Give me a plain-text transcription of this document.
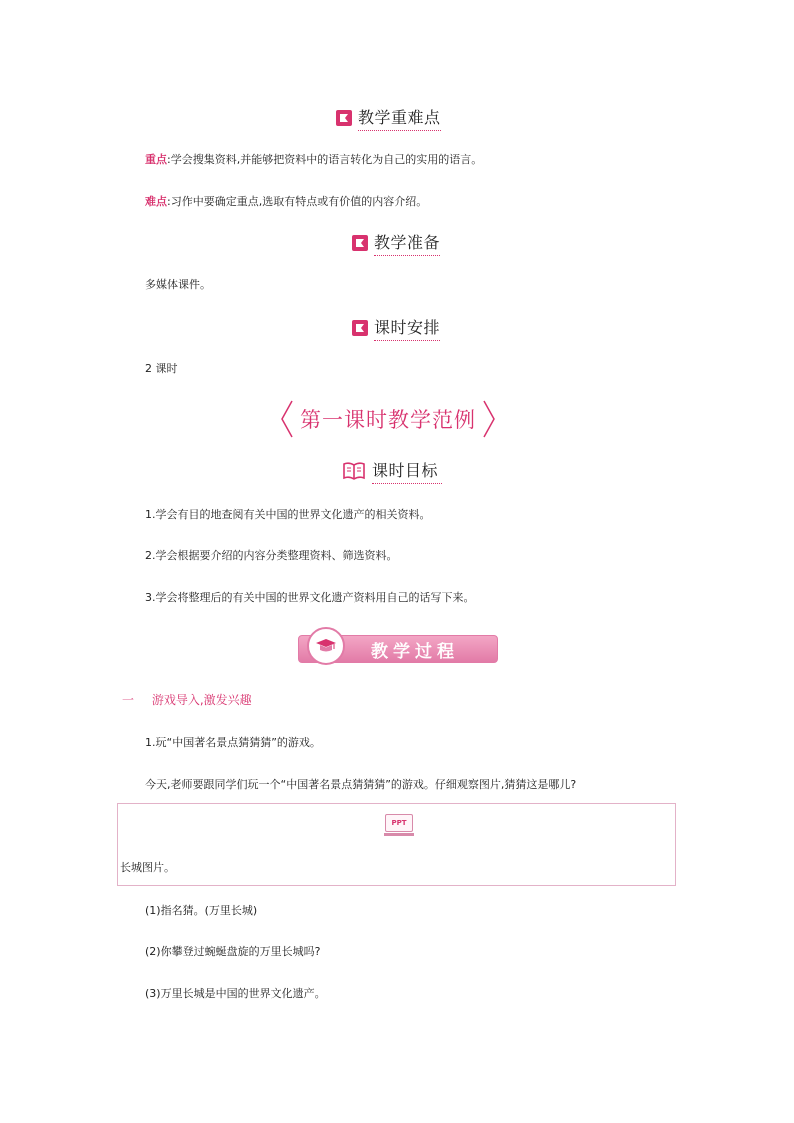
教学重难点
重点:学会搜集资料,并能够把资料中的语言转化为自己的实用的语言。
难点:习作中要确定重点,选取有特点或有价值的内容介绍。
教学准备
多媒体课件。
课时安排
2 课时
第一课时教学范例
课时目标
1.学会有目的地查阅有关中国的世界文化遗产的相关资料。
2.学会根据要介绍的内容分类整理资料、筛选资料。
3.学会将整理后的有关中国的世界文化遗产资料用自己的话写下来。
教学过程
一 游戏导入,激发兴趣
1.玩“中国著名景点猜猜猜”的游戏。
今天,老师要跟同学们玩一个“中国著名景点猜猜猜”的游戏。仔细观察图片,猜猜这是哪儿?
PPT
长城图片。
(1)指名猜。(万里长城)
(2)你攀登过蜿蜒盘旋的万里长城吗?
(3)万里长城是中国的世界文化遗产。
